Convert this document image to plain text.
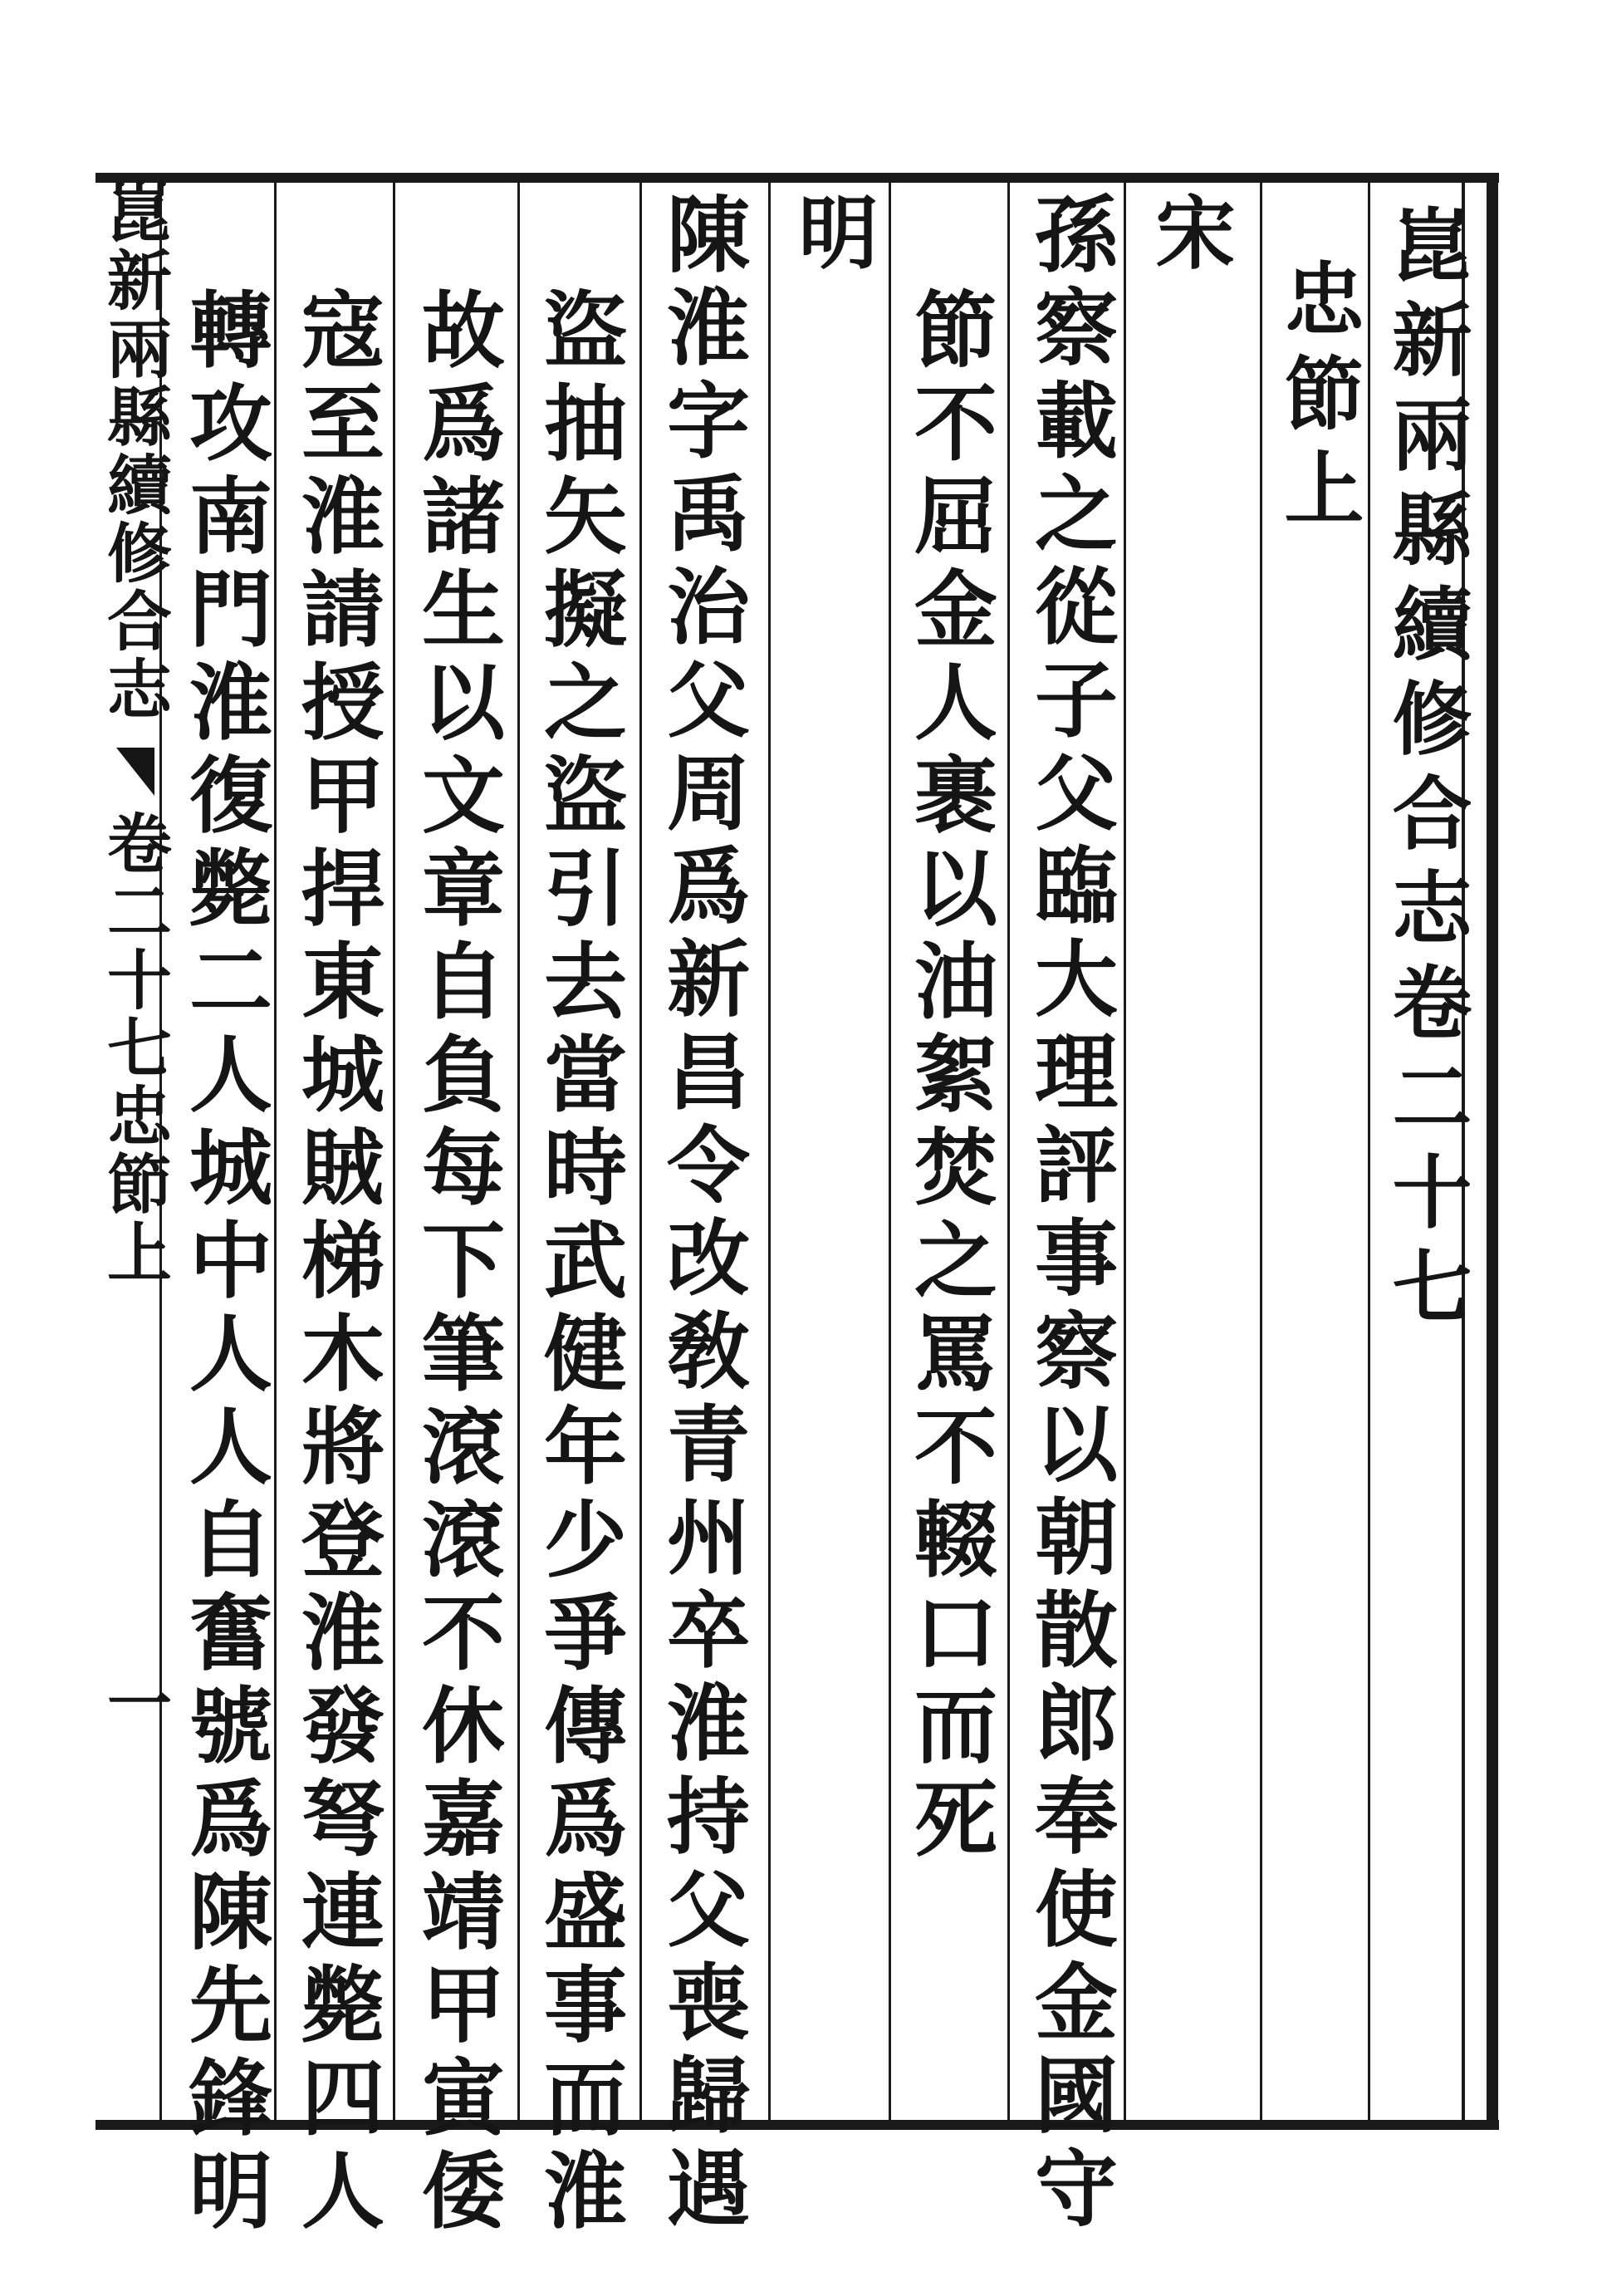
崑新兩縣續修合志卷二十七
忠節上
宋
孫察載之從子父臨大理評事察以朝散郎奉使金國守
節不屈金人裹以油絮焚之罵不輟口而死
明
陳淮字禹治父周爲新昌令改敎青州卒淮持父喪歸遇
盜抽矢擬之盜引去當時武健年少爭傳爲盛事而淮
故爲諸生以文章自負每下筆滾滾不休嘉靖甲寅倭
寇至淮請授甲捍東城賊梯木將登淮發弩連斃四人
轉攻南門淮復斃二人城中人人自奮號爲陳先鋒明
崑新兩縣續修合志
卷二十七忠節上
一
